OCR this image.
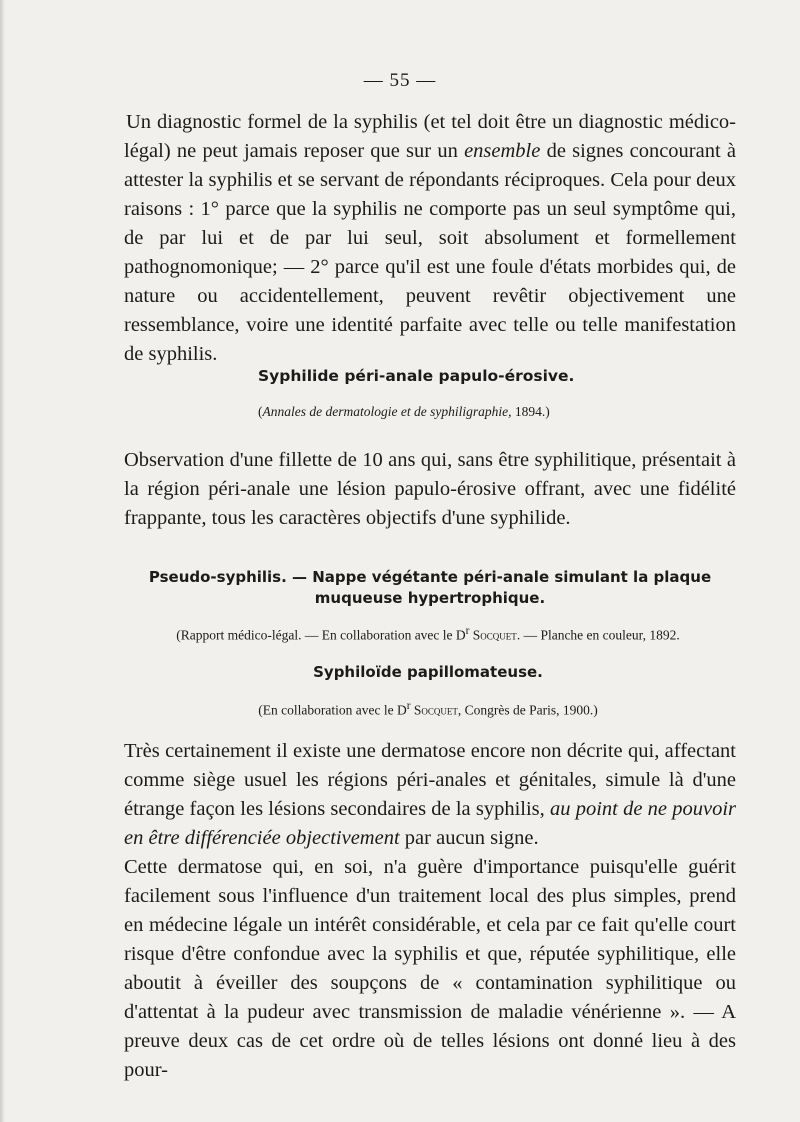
— 55 —

Un diagnostic formel de la syphilis (et tel doit être un diagnostic médico-légal) ne peut jamais reposer que sur un ensemble de signes concourant à attester la syphilis et se servant de répondants réciproques. Cela pour deux raisons : 1° parce que la syphilis ne comporte pas un seul symptôme qui, de par lui et de par lui seul, soit absolument et formellement pathognomonique; — 2° parce qu'il est une foule d'états morbides qui, de nature ou accidentellement, peuvent revêtir objectivement une ressemblance, voire une identité parfaite avec telle ou telle manifestation de syphilis.

Syphilide péri-anale papulo-érosive.

(Annales de dermatologie et de syphiligraphie, 1894.)

Observation d'une fillette de 10 ans qui, sans être syphilitique, présentait à la région péri-anale une lésion papulo-érosive offrant, avec une fidélité frappante, tous les caractères objectifs d'une syphilide.

Pseudo-syphilis. — Nappe végétante péri-anale simulant la plaque muqueuse hypertrophique.

(Rapport médico-légal. — En collaboration avec le $D^r$ Socquet. — Planche en couleur, 1892.

Syphiloïde papillomateuse.

(En collaboration avec le $D^r$ Socquet, Congrès de Paris, 1900.)

Très certainement il existe une dermatose encore non décrite qui, affectant comme siège usuel les régions péri-anales et génitales, simule là d'une étrange façon les lésions secondaires de la syphilis, au point de ne pouvoir en être différenciée objectivement par aucun signe.

Cette dermatose qui, en soi, n'a guère d'importance puisqu'elle guérit facilement sous l'influence d'un traitement local des plus simples, prend en médecine légale un intérêt considérable, et cela par ce fait qu'elle court risque d'être confondue avec la syphilis et que, réputée syphilitique, elle aboutit à éveiller des soupçons de « contamination syphilitique ou d'attentat à la pudeur avec transmission de maladie vénérienne ». — A preuve deux cas de cet ordre où de telles lésions ont donné lieu à des pour-
